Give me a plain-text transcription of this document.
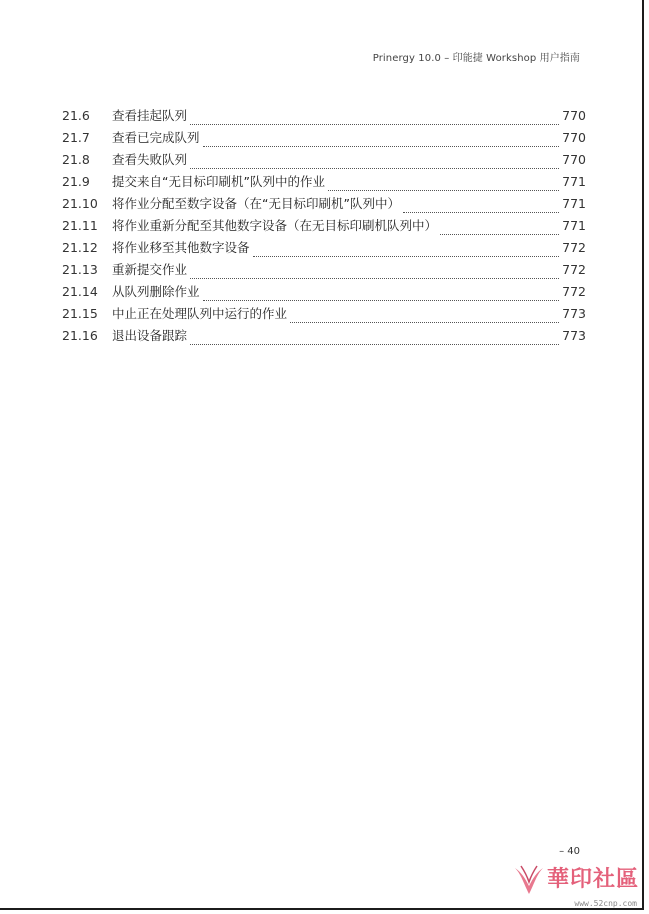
Prinergy 10.0 – 印能捷 Workshop 用户指南
21.6	查看挂起队列	770
21.7	查看已完成队列	770
21.8	查看失败队列	770
21.9	提交来自“无目标印刷机”队列中的作业	771
21.10	将作业分配至数字设备（在“无目标印刷机”队列中）	771
21.11	将作业重新分配至其他数字设备（在无目标印刷机队列中）	771
21.12	将作业移至其他数字设备	772
21.13	重新提交作业	772
21.14	从队列删除作业	772
21.15	中止正在处理队列中运行的作业	773
21.16	退出设备跟踪	773
– 40
華印社區
www.52cnp.com
